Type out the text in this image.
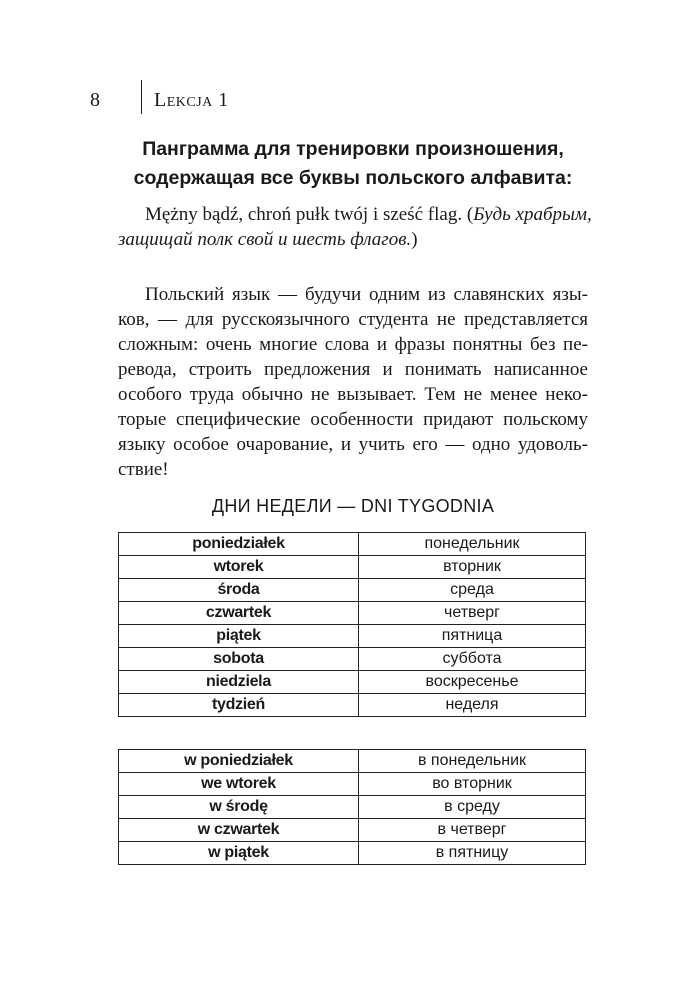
8	Lekcja 1
Панграмма для тренировки произношения,
содержащая все буквы польского алфавита:
Mężny bądź, chroń pułk twój i sześć flag. (Будь храбрым,
защищай полк свой и шесть флагов.)
Польский язык — будучи одним из славянских язы-
ков, — для русскоязычного студента не представляется
сложным: очень многие слова и фразы понятны без пе-
ревода, строить предложения и понимать написанное
особого труда обычно не вызывает. Тем не менее неко-
торые специфические особенности придают польскому
языку особое очарование, и учить его — одно удоволь-
ствие!
ДНИ НЕДЕЛИ — DNI TYGODNIA
poniedziałek	понедельник
wtorek	вторник
środa	среда
czwartek	четверг
piątek	пятница
sobota	суббота
niedziela	воскресенье
tydzień	неделя
w poniedziałek	в понедельник
we wtorek	во вторник
w środę	в среду
w czwartek	в четверг
w piątek	в пятницу
